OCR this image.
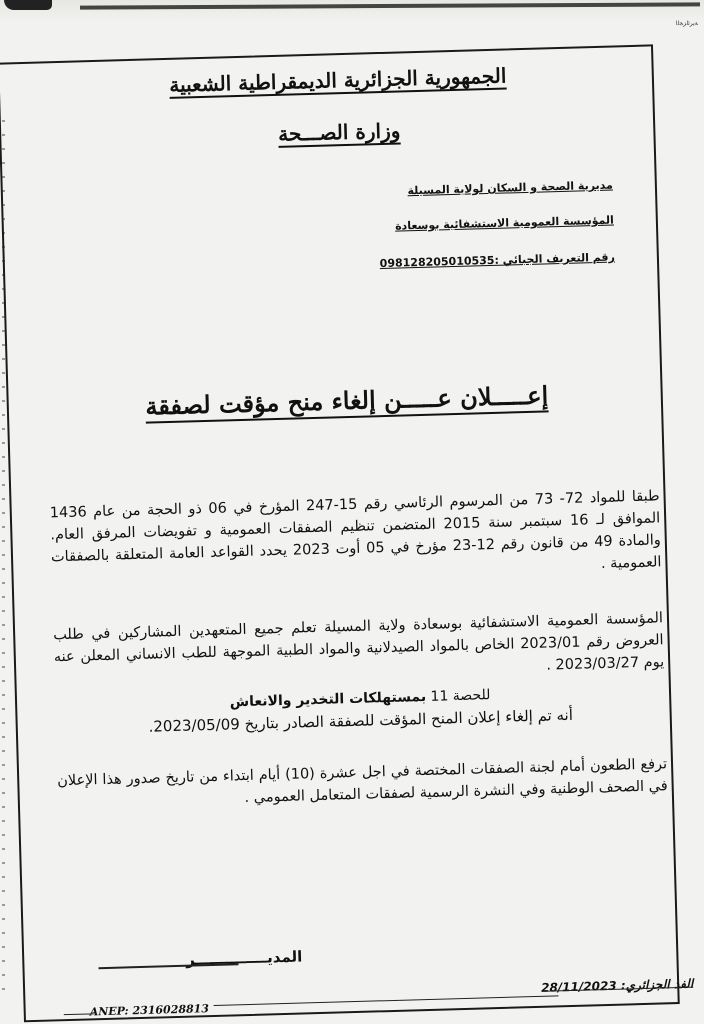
ﺔﻳﺮﺋﺍﺰﺠﻟﺍ
الجمهورية الجزائرية الديمقراطية الشعبية
وزارة الصـــحة
مديرية الصحة و السكان لولاية المسيلة
المؤسسة العمومية الاستشفائية بوسعادة
رقم التعريف الجبائي :098128205010535
إعـــــلان عـــــن إلغاء منح مؤقت لصفقة
طبقا للمواد 72- 73 من المرسوم الرئاسي رقم 15-247 المؤرخ في 06 ذو الحجة من عام 1436 الموافق لـ 16 سبتمبر سنة 2015 المتضمن تنظيم الصفقات العمومية و تفويضات المرفق العام. والمادة 49 من قانون رقم 12-23 مؤرخ في 05 أوت 2023 يحدد القواعد العامة المتعلقة بالصفقات العمومية .
المؤسسة العمومية الاستشفائية بوسعادة ولاية المسيلة تعلم جميع المتعهدين المشاركين في طلب العروض رقم 2023/01 الخاص بالمواد الصيدلانية والمواد الطبية الموجهة للطب الانساني المعلن عنه يوم 2023/03/27 .
للحصة 11 بمستهلكات التخدير والانعاش
أنه تم إلغاء إعلان المنح المؤقت للصفقة الصادر بتاريخ 2023/05/09.
ترفع الطعون أمام لجنة الصفقات المختصة في اجل عشرة (10) أيام ابتداء من تاريخ صدور هذا الإعلان في الصحف الوطنية وفي النشرة الرسمية لصفقات المتعامل العمومي .
المديــــــــــــــر
الفد الجزائري: 28/11/2023
ANEP: 2316028813
